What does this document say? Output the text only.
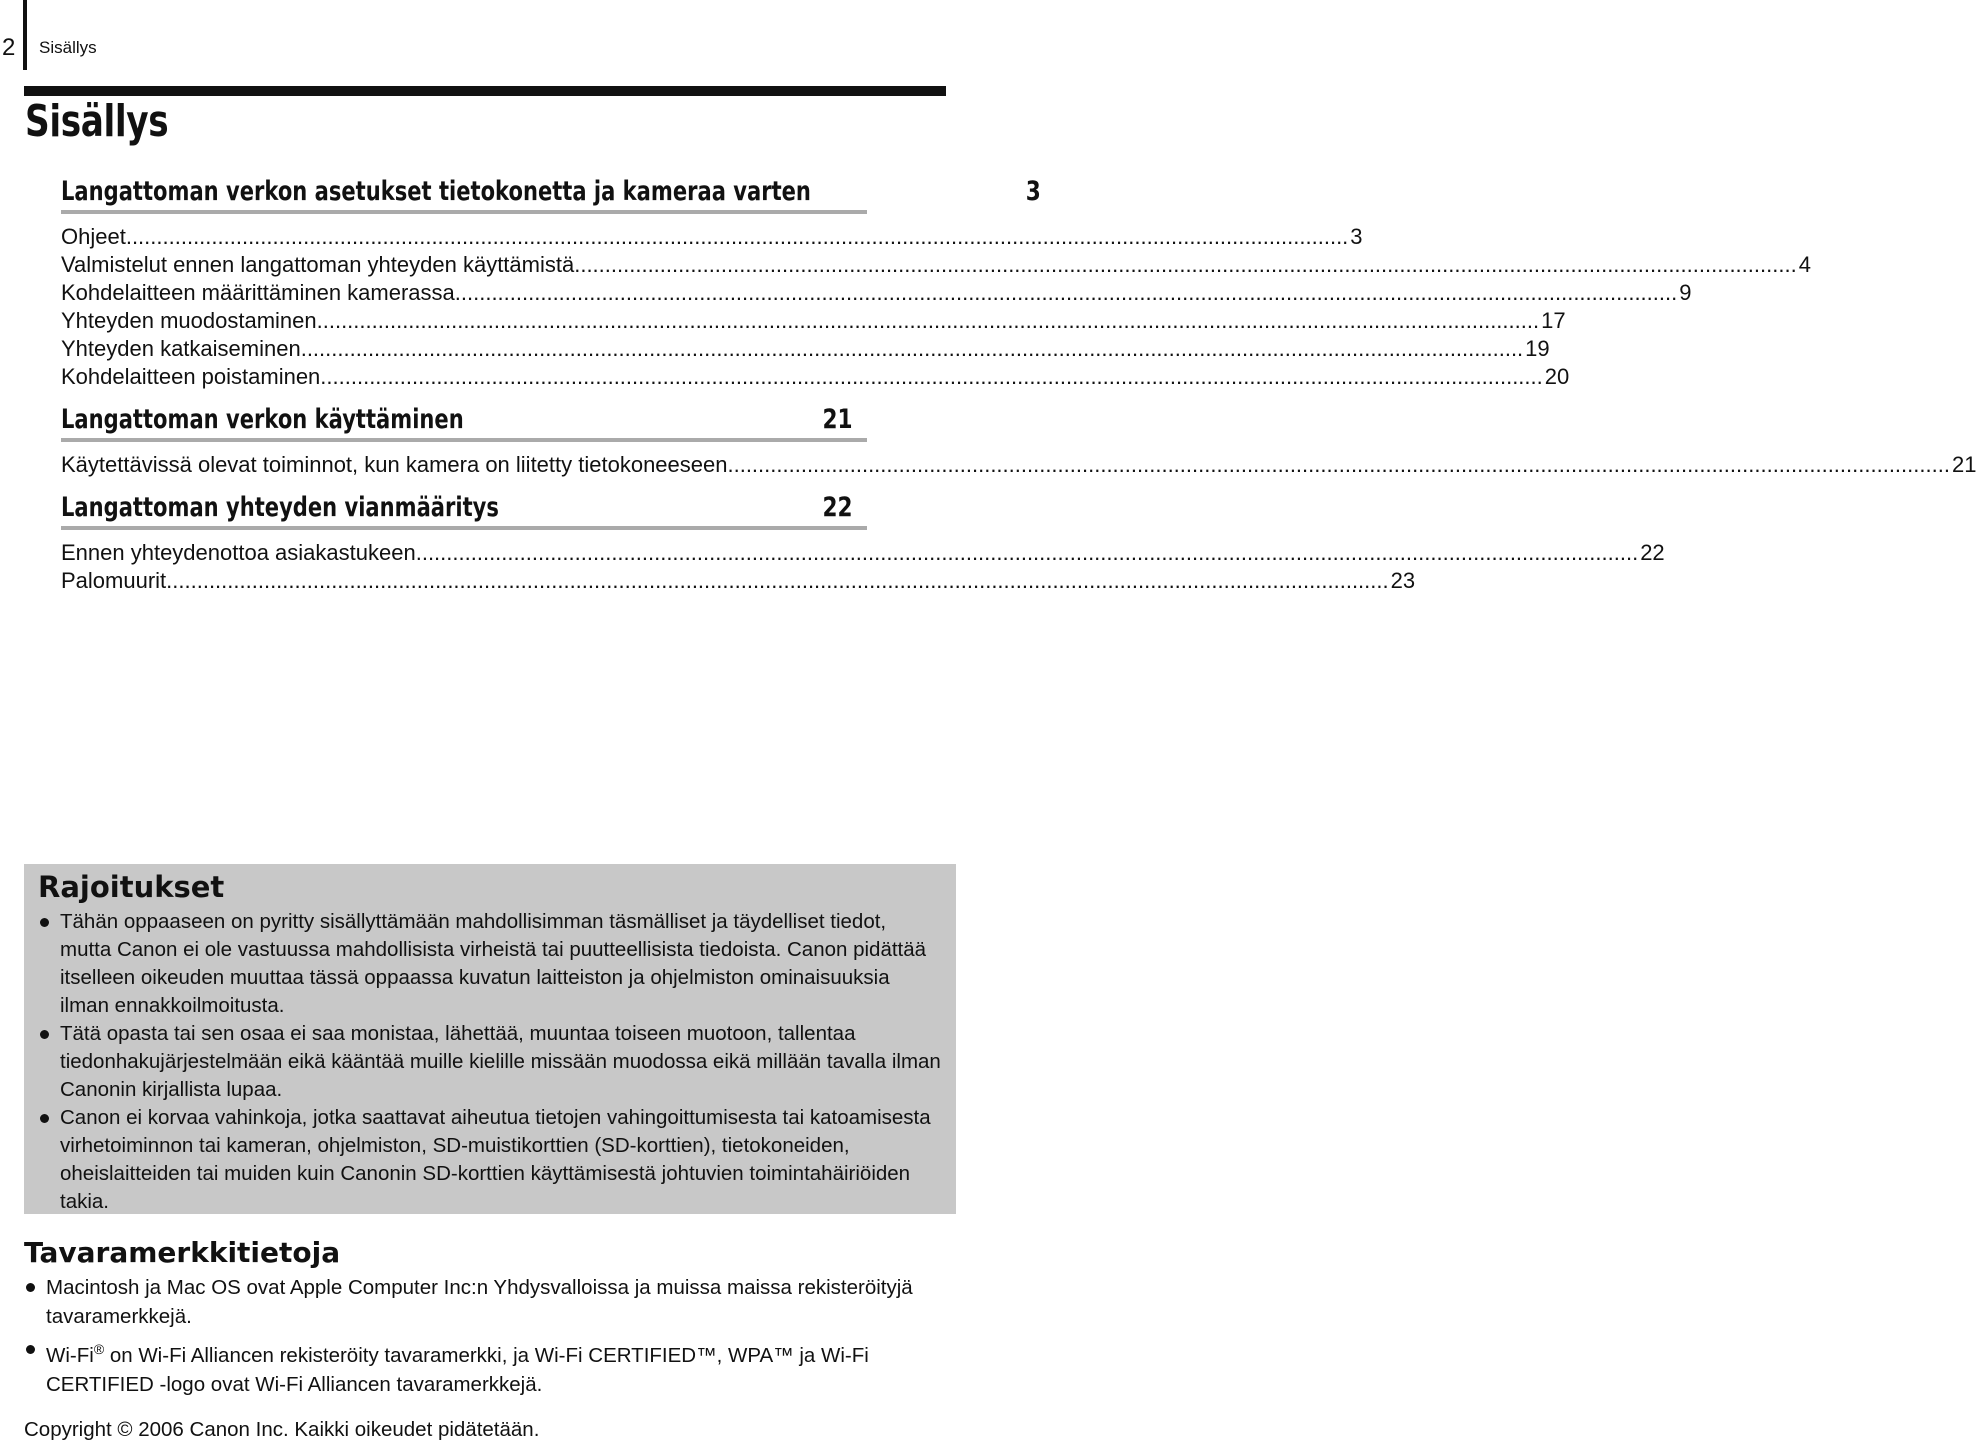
2 Sisällys
Sisällys
Langattoman verkon asetukset tietokonetta ja kameraa varten	3
Ohjeet .....	3
Valmistelut ennen langattoman yhteyden käyttämistä .....	4
Kohdelaitteen määrittäminen kamerassa .....	9
Yhteyden muodostaminen .....	17
Yhteyden katkaiseminen .....	19
Kohdelaitteen poistaminen .....	20
Langattoman verkon käyttäminen	21
Käytettävissä olevat toiminnot, kun kamera on liitetty tietokoneeseen .....	21
Langattoman yhteyden vianmääritys	22
Ennen yhteydenottoa asiakastukeen .....	22
Palomuurit .....	23
Rajoitukset
Tähän oppaaseen on pyritty sisällyttämään mahdollisimman täsmälliset ja täydelliset tiedot, mutta Canon ei ole vastuussa mahdollisista virheistä tai puutteellisista tiedoista. Canon pidättää itselleen oikeuden muuttaa tässä oppaassa kuvatun laitteiston ja ohjelmiston ominaisuuksia ilman ennakkoilmoitusta.
Tätä opasta tai sen osaa ei saa monistaa, lähettää, muuntaa toiseen muotoon, tallentaa tiedonhakujärjestelmään eikä kääntää muille kielille missään muodossa eikä millään tavalla ilman Canonin kirjallista lupaa.
Canon ei korvaa vahinkoja, jotka saattavat aiheutua tietojen vahingoittumisesta tai katoamisesta virhetoiminnon tai kameran, ohjelmiston, SD-muistikorttien (SD-korttien), tietokoneiden, oheislaitteiden tai muiden kuin Canonin SD-korttien käyttämisestä johtuvien toimintahäiriöiden takia.
Tavaramerkkitietoja
Macintosh ja Mac OS ovat Apple Computer Inc:n Yhdysvalloissa ja muissa maissa rekisteröityjä tavaramerkkejä.
Wi-Fi® on Wi-Fi Alliancen rekisteröity tavaramerkki, ja Wi-Fi CERTIFIED™, WPA™ ja Wi-Fi CERTIFIED -logo ovat Wi-Fi Alliancen tavaramerkkejä.
Copyright © 2006 Canon Inc. Kaikki oikeudet pidätetään.
